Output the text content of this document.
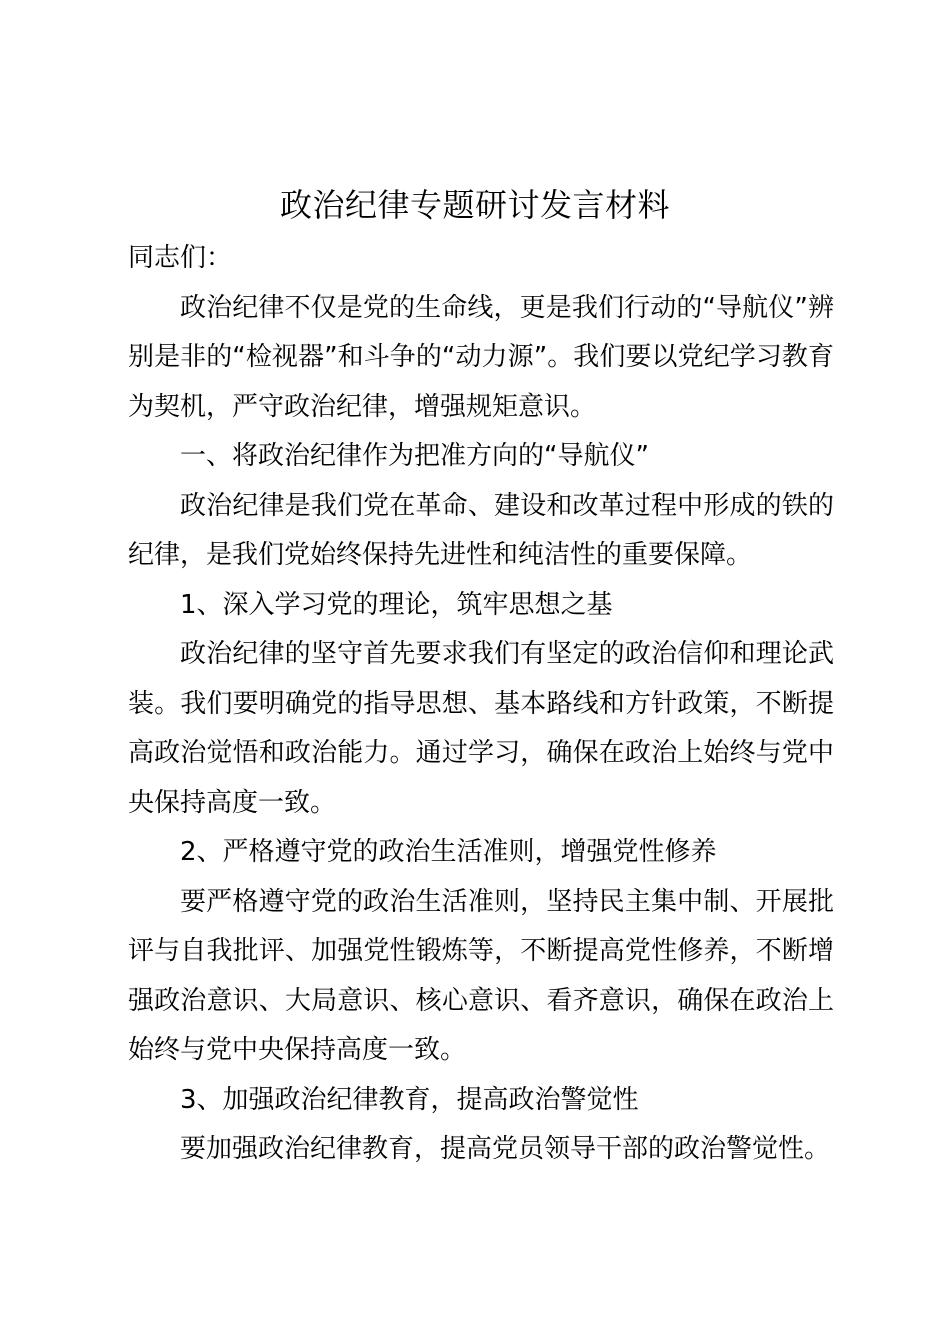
政治纪律专题研讨发言材料

同志们：

政治纪律不仅是党的生命线，更是我们行动的“导航仪”辨别是非的“检视器”和斗争的“动力源”。我们要以党纪学习教育为契机，严守政治纪律，增强规矩意识。

一、将政治纪律作为把准方向的“导航仪”

政治纪律是我们党在革命、建设和改革过程中形成的铁的纪律，是我们党始终保持先进性和纯洁性的重要保障。

1、深入学习党的理论，筑牢思想之基

政治纪律的坚守首先要求我们有坚定的政治信仰和理论武装。我们要明确党的指导思想、基本路线和方针政策，不断提高政治觉悟和政治能力。通过学习，确保在政治上始终与党中央保持高度一致。

2、严格遵守党的政治生活准则，增强党性修养

要严格遵守党的政治生活准则，坚持民主集中制、开展批评与自我批评、加强党性锻炼等，不断提高党性修养，不断增强政治意识、大局意识、核心意识、看齐意识，确保在政治上始终与党中央保持高度一致。

3、加强政治纪律教育，提高政治警觉性

要加强政治纪律教育，提高党员领导干部的政治警觉性。
